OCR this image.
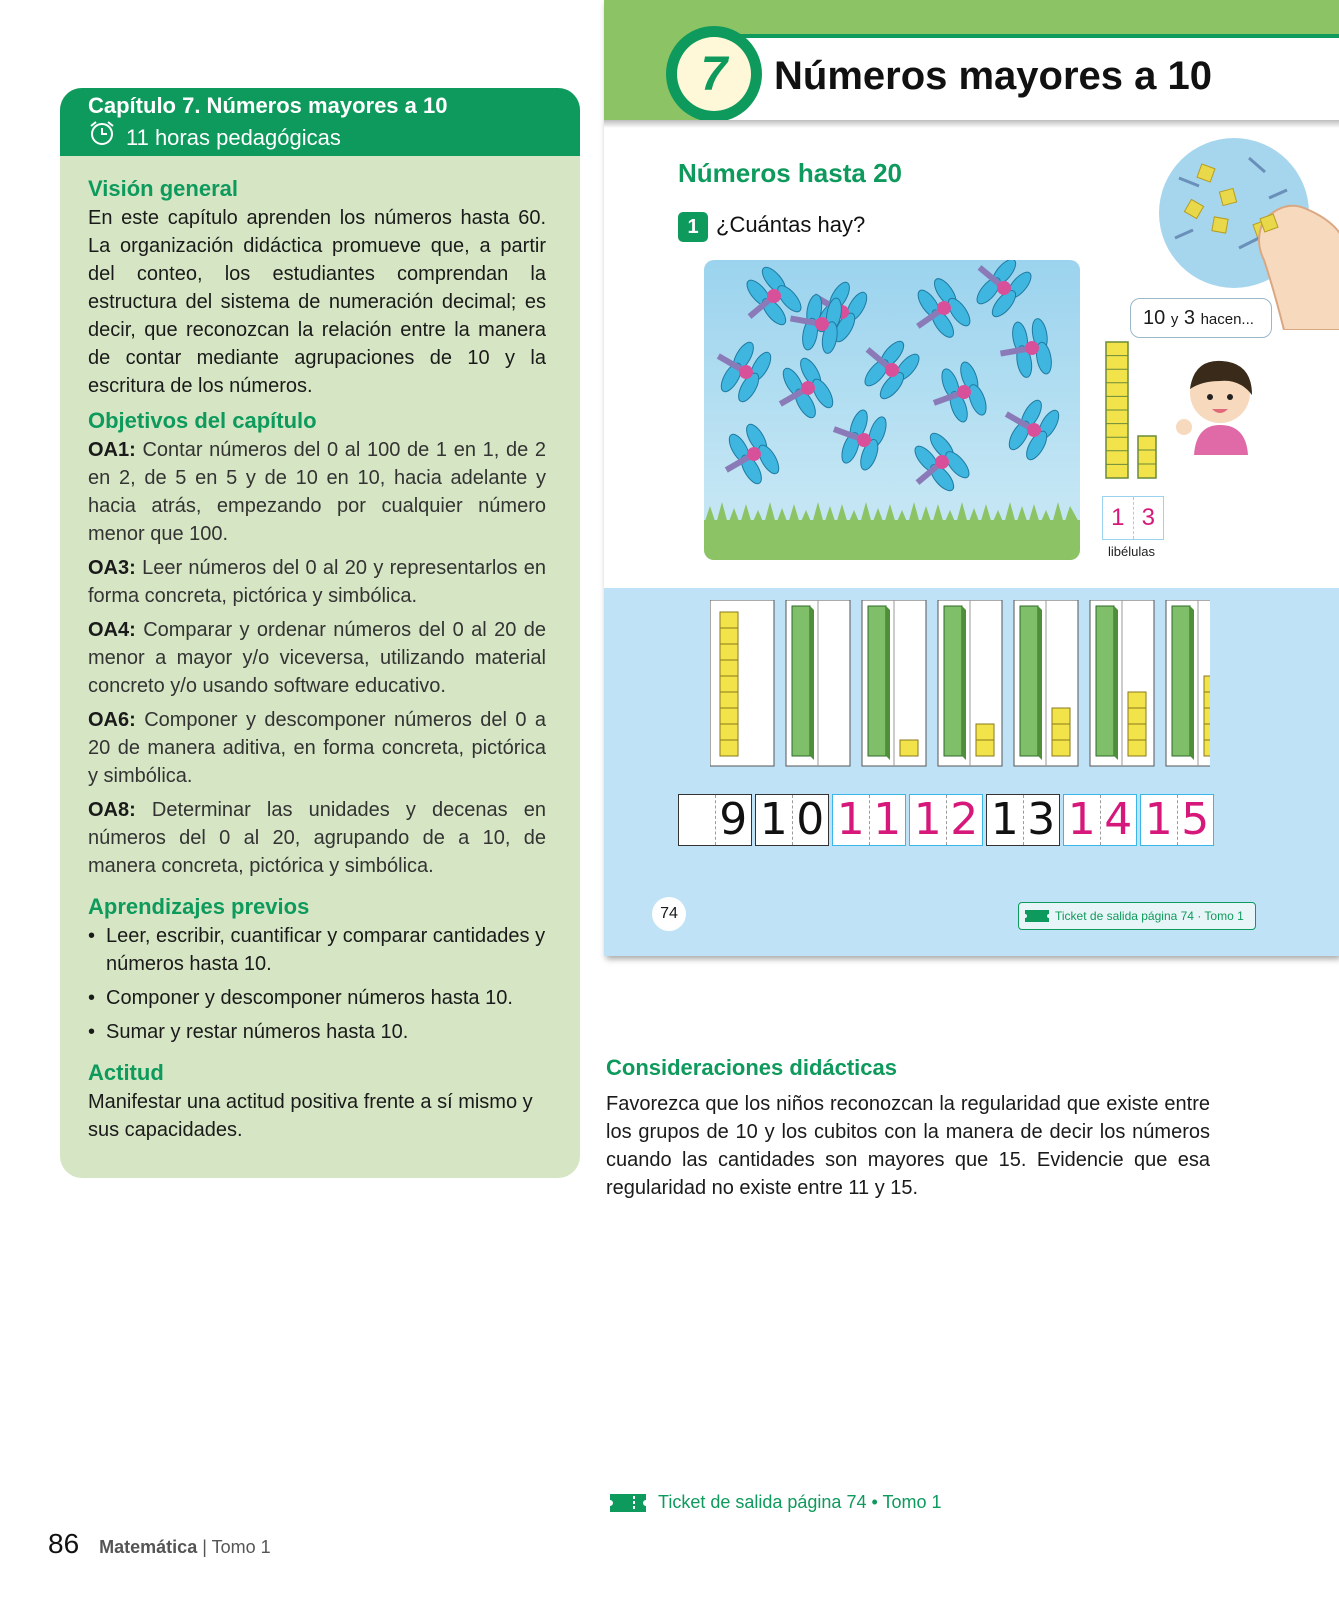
Capítulo 7. Números mayores a 10
11 horas pedagógicas
Visión general
En este capítulo aprenden los números hasta 60. La organización didáctica promueve que, a partir del conteo, los estudiantes comprendan la estructura del sistema de numeración decimal; es decir, que reconozcan la relación entre la manera de contar mediante agrupaciones de 10 y la escritura de los números.
Objetivos del capítulo
OA1: Contar números del 0 al 100 de 1 en 1, de 2 en 2, de 5 en 5 y de 10 en 10, hacia adelante y hacia atrás, empezando por cualquier número menor que 100.
OA3: Leer números del 0 al 20 y representarlos en forma concreta, pictórica y simbólica.
OA4: Comparar y ordenar números del 0 al 20 de menor a mayor y/o viceversa, utilizando material concreto y/o usando software educativo.
OA6: Componer y descomponer números del 0 a 20 de manera aditiva, en forma concreta, pictórica y simbólica.
OA8: Determinar las unidades y decenas en números del 0 al 20, agrupando de a 10, de manera concreta, pictórica y simbólica.
Aprendizajes previos
• Leer, escribir, cuantificar y comparar cantidades y números hasta 10.
• Componer y descomponer números hasta 10.
• Sumar y restar números hasta 10.
Actitud
Manifestar una actitud positiva frente a sí mismo y sus capacidades.
7	Números mayores a 10
Números hasta 20
1 ¿Cuántas hay?
10 y 3 hacen...
1 3
libélulas
9 1 0 1 1 1 2 1 3 1 4 1 5
74	Ticket de salida página 74 · Tomo 1
Consideraciones didácticas
Favorezca que los niños reconozcan la regularidad que existe entre los grupos de 10 y los cubitos con la manera de decir los números cuando las cantidades son mayores que 15. Evidencie que esa regularidad no existe entre 11 y 15.
Ticket de salida página 74 • Tomo 1
86 Matemática | Tomo 1
